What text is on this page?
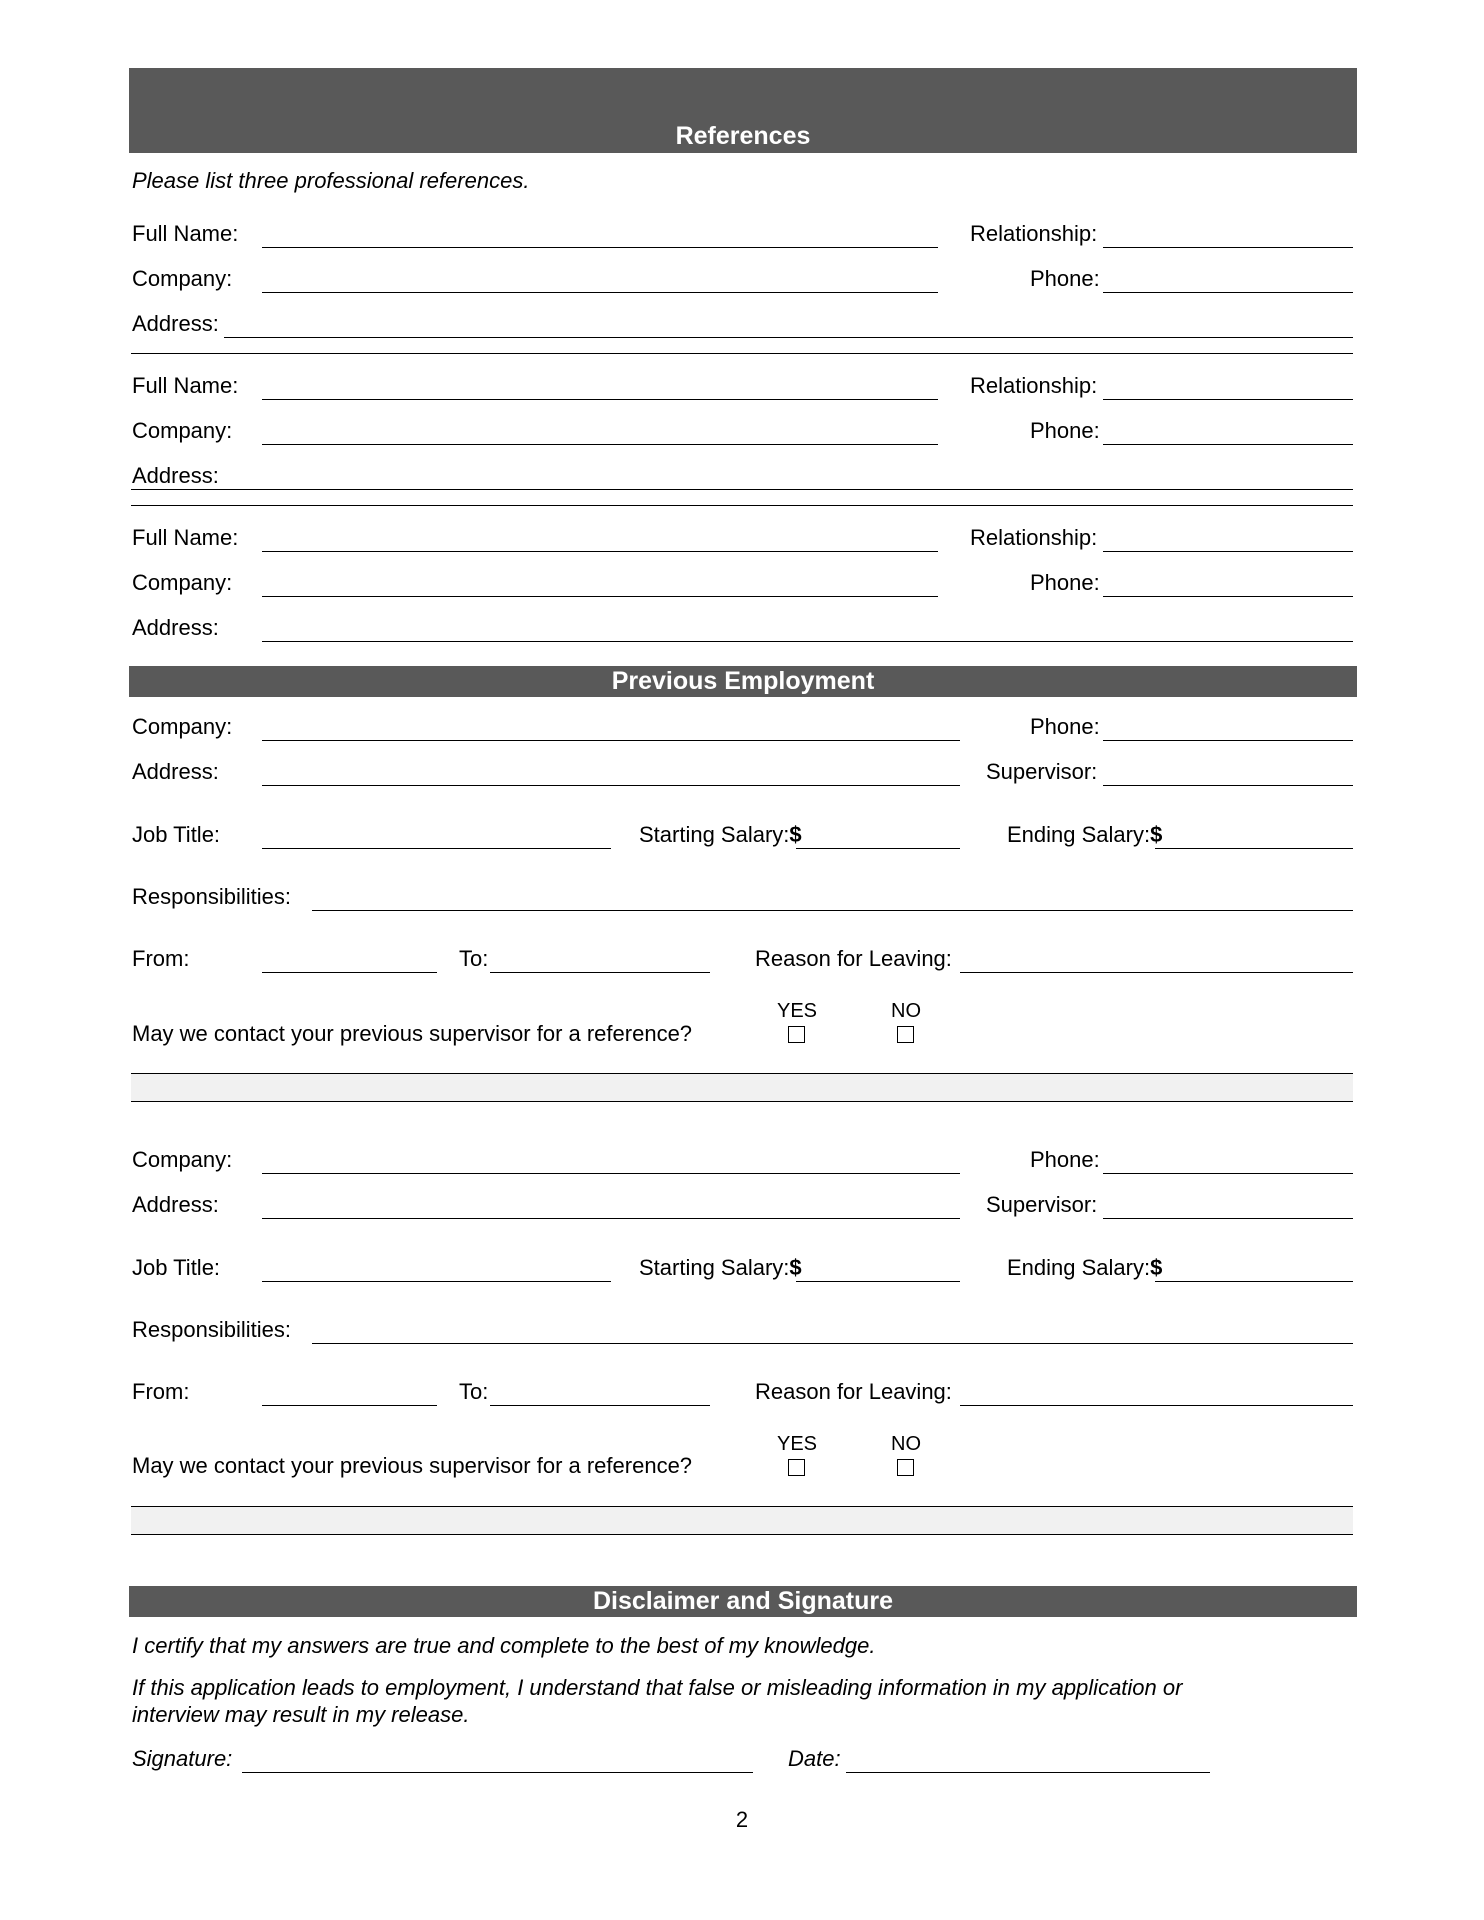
References
Please list three professional references.
Full Name:	Relationship:
Company:	Phone:
Address:
Full Name:	Relationship:
Company:	Phone:
Address:
Full Name:	Relationship:
Company:	Phone:
Address:
Previous Employment
Company:	Phone:
Address:	Supervisor:
Job Title:	Starting Salary:$	Ending Salary:$
Responsibilities:
From:	To:	Reason for Leaving:
May we contact your previous supervisor for a reference?
YES	NO
Company:	Phone:
Address:	Supervisor:
Job Title:	Starting Salary:$	Ending Salary:$
Responsibilities:
From:	To:	Reason for Leaving:
May we contact your previous supervisor for a reference?
YES	NO
Disclaimer and Signature
I certify that my answers are true and complete to the best of my knowledge.
If this application leads to employment, I understand that false or misleading information in my application or
interview may result in my release.
Signature:	Date:
2
